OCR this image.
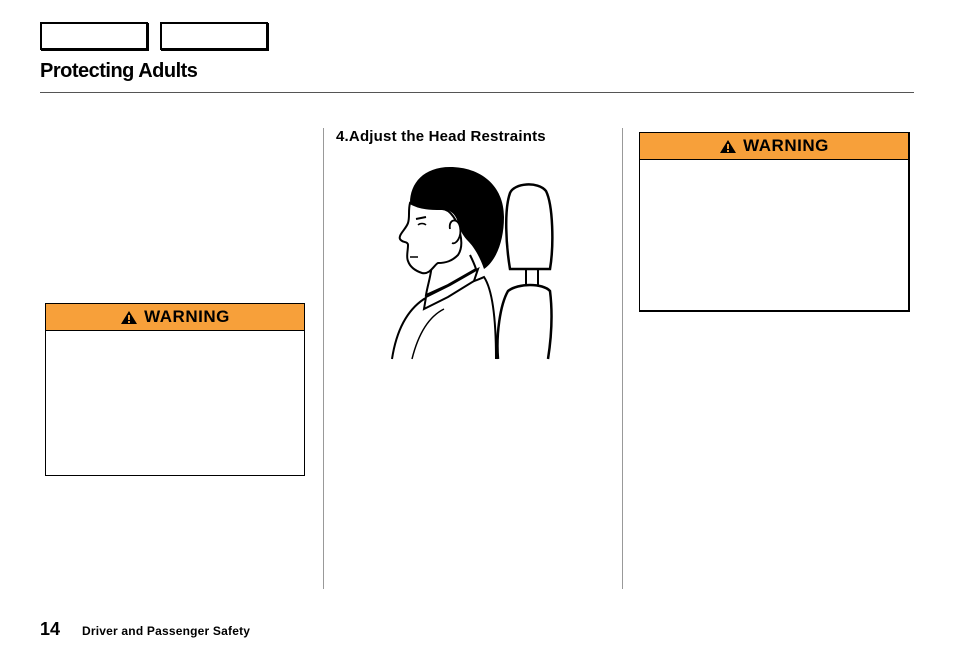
Protecting Adults
WARNING
4.Adjust the Head Restraints	WARNING
14 Driver and Passenger Safety
